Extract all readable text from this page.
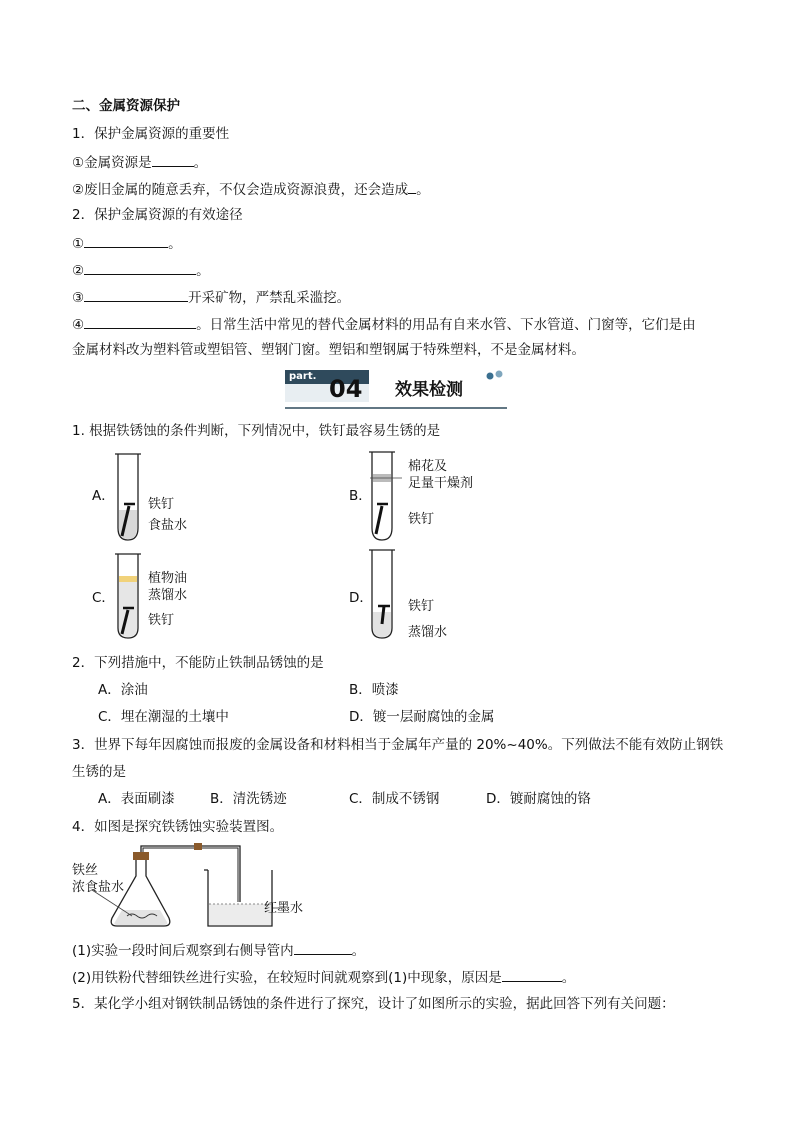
二、金属资源保护
1．保护金属资源的重要性
①金属资源是	。
②废旧金属的随意丢弃，不仅会造成资源浪费，还会造成 。
2．保护金属资源的有效途径
①	。
②	。
③	开采矿物，严禁乱采滥挖。
④	。日常生活中常见的替代金属材料的用品有自来水管、下水管道、门窗等，它们是由
金属材料改为塑料管或塑铝管、塑钢门窗。塑铝和塑钢属于特殊塑料，不是金属材料。
part. 04 效果检测
1. 根据铁锈蚀的条件判断，下列情况中，铁钉最容易生锈的是
A．
铁钉
食盐水
B．
棉花及
足量干燥剂
铁钉
C．
植物油
蒸馏水
铁钉
D．
铁钉
蒸馏水
2．下列措施中，不能防止铁制品锈蚀的是
A．涂油	B．喷漆
C．埋在潮湿的土壤中	D．镀一层耐腐蚀的金属
3．世界下每年因腐蚀而报废的金属设备和材料相当于金属年产量的 20%~40%。下列做法不能有效防止钢铁
生锈的是
A．表面刷漆	B．清洗锈迹	C．制成不锈钢	D．镀耐腐蚀的铬
4．如图是探究铁锈蚀实验装置图。
铁丝
浓食盐水
红墨水
(1)实验一段时间后观察到右侧导管内	。
(2)用铁粉代替细铁丝进行实验，在较短时间就观察到(1)中现象，原因是	。
5．某化学小组对钢铁制品锈蚀的条件进行了探究，设计了如图所示的实验，据此回答下列有关问题：
